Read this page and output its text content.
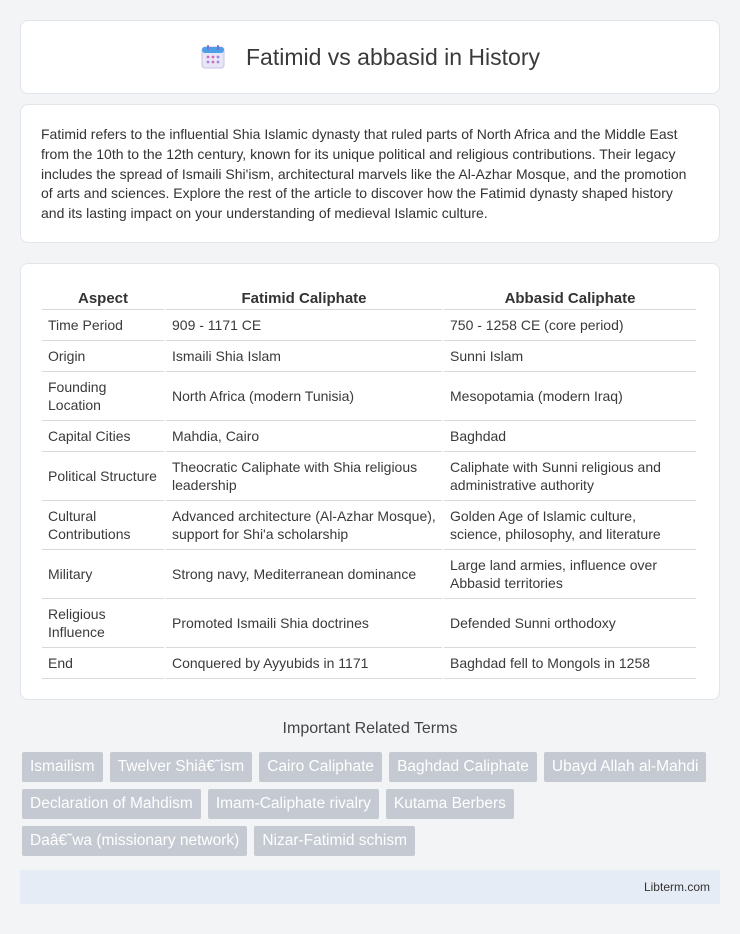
Fatimid vs abbasid in History

Fatimid refers to the influential Shia Islamic dynasty that ruled parts of North Africa and the Middle East from the 10th to the 12th century, known for its unique political and religious contributions. Their legacy includes the spread of Ismaili Shi'ism, architectural marvels like the Al-Azhar Mosque, and the promotion of arts and sciences. Explore the rest of the article to discover how the Fatimid dynasty shaped history and its lasting impact on your understanding of medieval Islamic culture.

Aspect	Fatimid Caliphate	Abbasid Caliphate
Time Period	909 - 1171 CE	750 - 1258 CE (core period)
Origin	Ismaili Shia Islam	Sunni Islam
Founding Location	North Africa (modern Tunisia)	Mesopotamia (modern Iraq)
Capital Cities	Mahdia, Cairo	Baghdad
Political Structure	Theocratic Caliphate with Shia religious leadership	Caliphate with Sunni religious and administrative authority
Cultural Contributions	Advanced architecture (Al-Azhar Mosque), support for Shi'a scholarship	Golden Age of Islamic culture, science, philosophy, and literature
Military	Strong navy, Mediterranean dominance	Large land armies, influence over Abbasid territories
Religious Influence	Promoted Ismaili Shia doctrines	Defended Sunni orthodoxy
End	Conquered by Ayyubids in 1171	Baghdad fell to Mongols in 1258
Important Related Terms
Ismailism	Twelver Shiâ€˜ism	Cairo Caliphate	Baghdad Caliphate	Ubayd Allah al-Mahdi
Declaration of Mahdism	Imam-Caliphate rivalry	Kutama Berbers
Daâ€˜wa (missionary network)	Nizar-Fatimid schism
Libterm.com
